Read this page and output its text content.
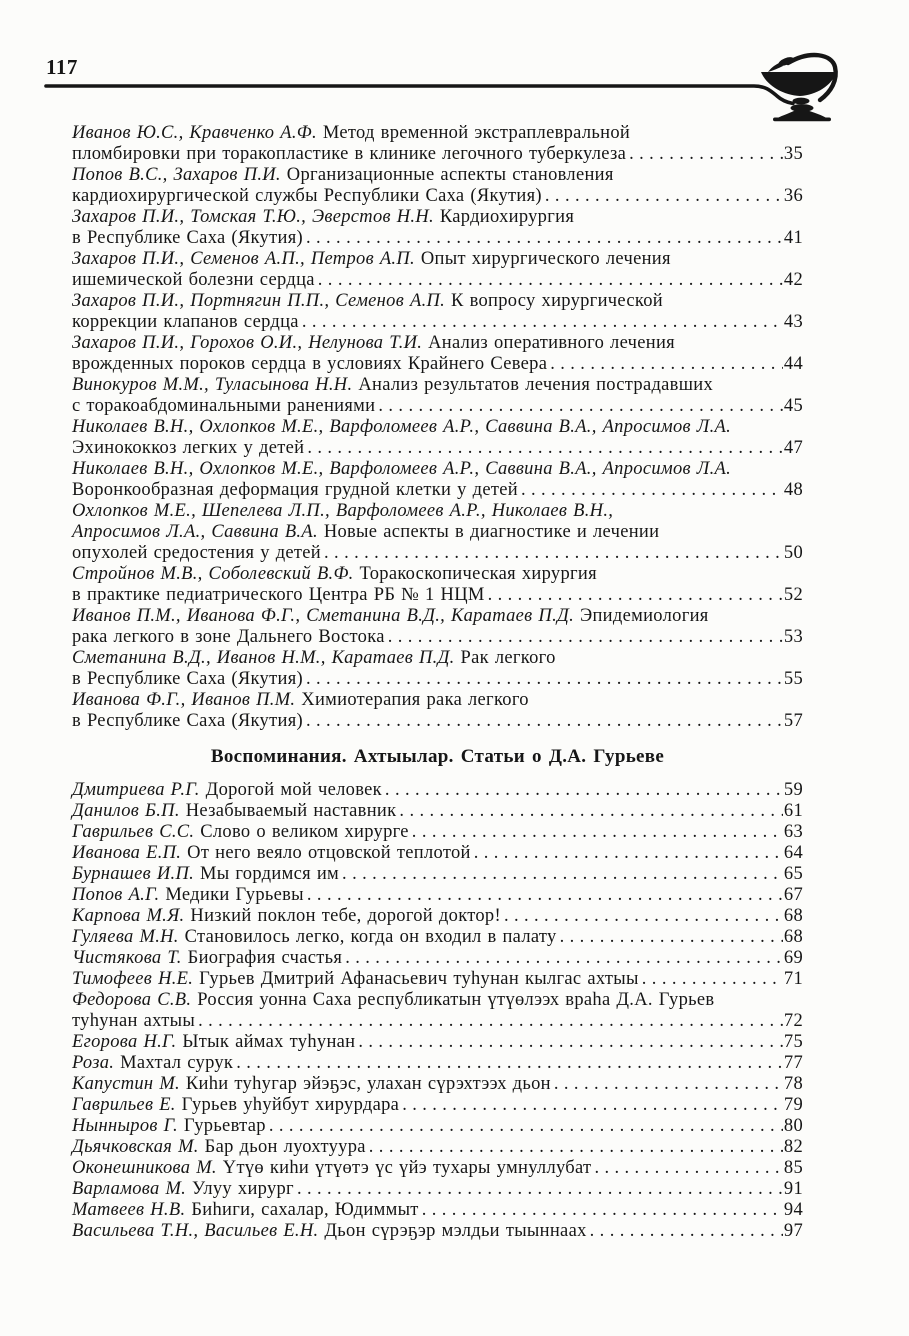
117
Иванов Ю.С., Кравченко А.Ф. Метод временной экстраплевральной
пломбировки при торакопластике в клинике легочного туберкулеза .....	35
Попов В.С., Захаров П.И. Организационные аспекты становления
кардиохирургической службы Республики Саха (Якутия) .....	36
Захаров П.И., Томская Т.Ю., Эверстов Н.Н. Кардиохирургия
в Республике Саха (Якутия) .....	41
Захаров П.И., Семенов А.П., Петров А.П. Опыт хирургического лечения
ишемической болезни сердца .....	42
Захаров П.И., Портнягин П.П., Семенов А.П. К вопросу хирургической
коррекции клапанов сердца .....	43
Захаров П.И., Горохов О.И., Нелунова Т.И. Анализ оперативного лечения
врожденных пороков сердца в условиях Крайнего Севера .....	44
Винокуров М.М., Туласынова Н.Н. Анализ результатов лечения пострадавших
с торакоабдоминальными ранениями .....	45
Николаев В.Н., Охлопков М.Е., Варфоломеев А.Р., Саввина В.А., Апросимов Л.А.
Эхинококкоз легких у детей .....	47
Николаев В.Н., Охлопков М.Е., Варфоломеев А.Р., Саввина В.А., Апросимов Л.А.
Воронкообразная деформация грудной клетки у детей .....	48
Охлопков М.Е., Шепелева Л.П., Варфоломеев А.Р., Николаев В.Н.,
Апросимов Л.А., Саввина В.А. Новые аспекты в диагностике и лечении
опухолей средостения у детей .....	50
Стройнов М.В., Соболевский В.Ф. Торакоскопическая хирургия
в практике педиатрического Центра РБ № 1 НЦМ .....	52
Иванов П.М., Иванова Ф.Г., Сметанина В.Д., Каратаев П.Д. Эпидемиология
рака легкого в зоне Дальнего Востока .....	53
Сметанина В.Д., Иванов Н.М., Каратаев П.Д. Рак легкого
в Республике Саха (Якутия) .....	55
Иванова Ф.Г., Иванов П.М. Химиотерапия рака легкого
в Республике Саха (Якутия) .....	57
Воспоминания. Ахтыылар. Статьи о Д.А. Гурьеве
Дмитриева Р.Г. Дорогой мой человек .....	59
Данилов Б.П. Незабываемый наставник .....	61
Гаврильев С.С. Слово о великом хирурге .....	63
Иванова Е.П. От него веяло отцовской теплотой .....	64
Бурнашев И.П. Мы гордимся им .....	65
Попов А.Г. Медики Гурьевы .....	67
Карпова М.Я. Низкий поклон тебе, дорогой доктор! .....	68
Гуляева М.Н. Становилось легко, когда он входил в палату .....	68
Чистякова Т. Биография счастья .....	69
Тимофеев Н.Е. Гурьев Дмитрий Афанасьевич туһунан кылгас ахтыы .....	71
Федорова С.В. Россия уонна Саха республикатын үтүөлээх враһа Д.А. Гурьев
туһунан ахтыы .....	72
Егорова Н.Г. Ытык аймах туһунан .....	75
Роза. Махтал сурук .....	77
Капустин М. Киһи туһугар эйэҕэс, улахан сүрэхтээх дьон .....	78
Гаврильев Е. Гурьев уһуйбут хирурдара .....	79
Нынныров Г. Гурьевтар .....	80
Дьячковская М. Бар дьон луохтуура .....	82
Оконешникова М. Үтүө киһи үтүөтэ үс үйэ тухары умнуллубат .....	85
Варламова М. Улуу хирург .....	91
Матвеев Н.В. Биһиги, сахалар, Юдиммыт .....	94
Васильева Т.Н., Васильев Е.Н. Дьон сүрэҕэр мэлдьи тыыннаах .....	97
